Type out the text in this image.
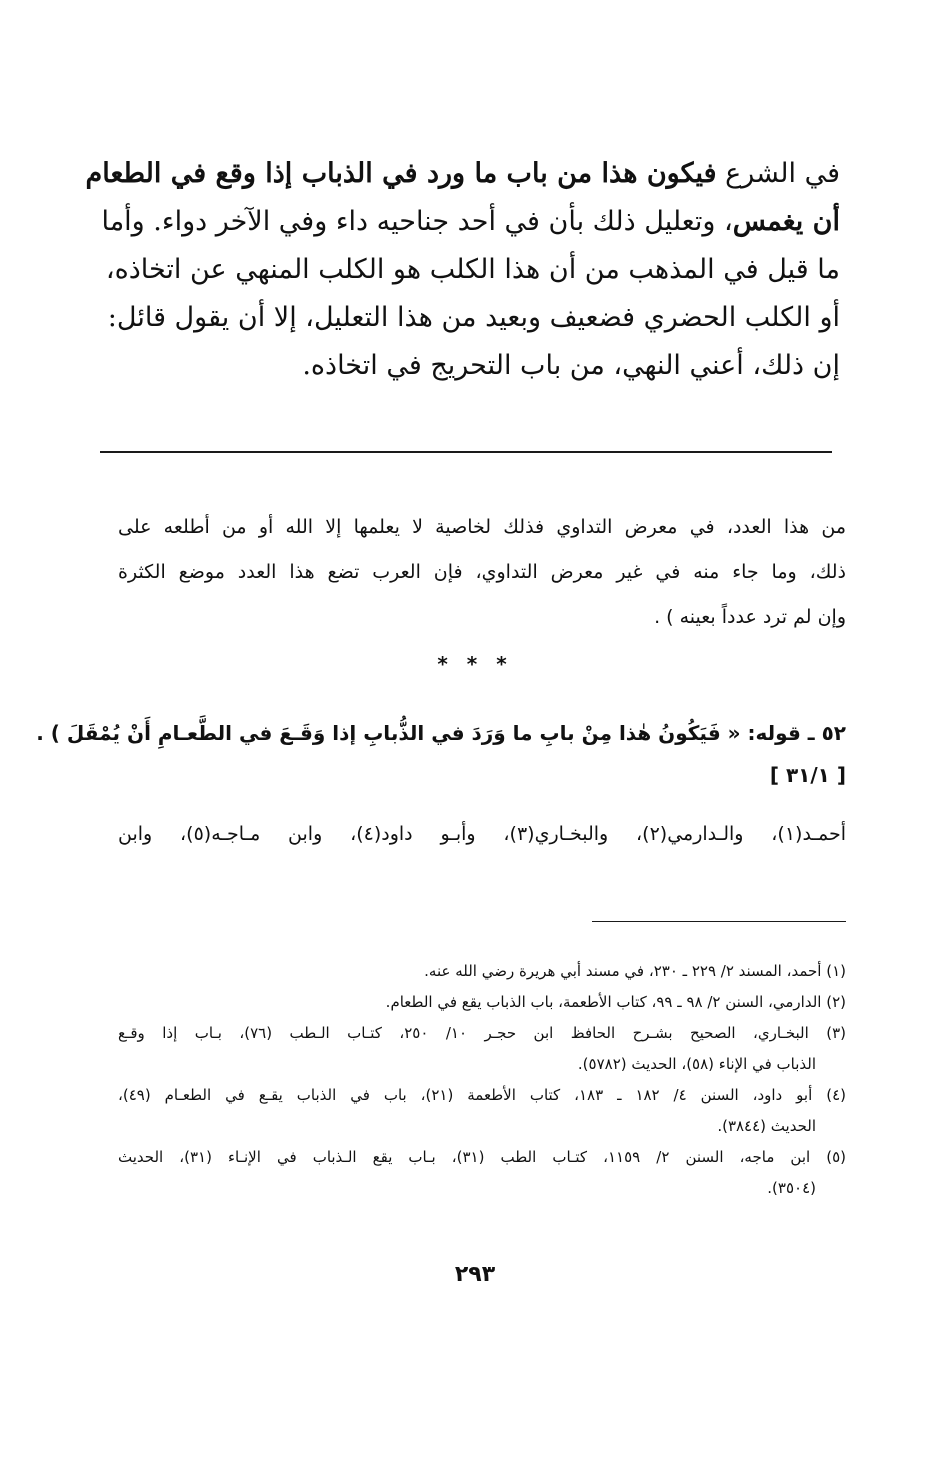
في الشرع فيكون هذا من باب ما ورد في الذباب إذا وقع في الطعام
أن يغمس، وتعليل ذلك بأن في أحد جناحيه داء وفي الآخر دواء. وأما
ما قيل في المذهب من أن هذا الكلب هو الكلب المنهي عن اتخاذه،
أو الكلب الحضري فضعيف وبعيد من هذا التعليل، إلا أن يقول قائل:
إن ذلك، أعني النهي، من باب التحريج في اتخاذه.
من هذا العدد، في معرض التداوي فذلك لخاصية لا يعلمها إلا الله أو من أطلعه على
ذلك، وما جاء منه في غير معرض التداوي، فإن العرب تضع هذا العدد موضع الكثرة
وإن لم ترد عدداً بعينه ) .
* * *
٥٢ ـ قوله: « فَيَكُونُ هٰذا مِنْ بابِ ما وَرَدَ في الذُّبابِ إذا وَقَـعَ في الطَّعـامِ أَنْ يُمْقَلَ ) .
[ ٣١/١ ]
أحمـد(١)، والـدارمي(٢)، والبخـاري(٣)، وأبـو داود(٤)، وابن مـاجـه(٥)، وابن
(١) أحمد، المسند ٢/ ٢٢٩ ـ ٢٣٠، في مسند أبي هريرة رضي الله عنه.
(٢) الدارمي، السنن ٢/ ٩٨ ـ ٩٩، كتاب الأطعمة، باب الذباب يقع في الطعام.
(٣) البخـاري، الصحيح بشـرح الحافظ ابن حجـر ١٠/ ٢٥٠، كتـاب الـطب (٧٦)، بـاب إذا وقـع
الذباب في الإناء (٥٨)، الحديث (٥٧٨٢).
(٤) أبو داود، السنن ٤/ ١٨٢ ـ ١٨٣، كتاب الأطعمة (٢١)، باب في الذباب يقـع في الطعـام (٤٩)،
الحديث (٣٨٤٤).
(٥) ابن ماجه، السنن ٢/ ١١٥٩، كتـاب الطب (٣١)، بـاب يقع الـذباب في الإنـاء (٣١)، الحديث
(٣٥٠٤).
٢٩٣
